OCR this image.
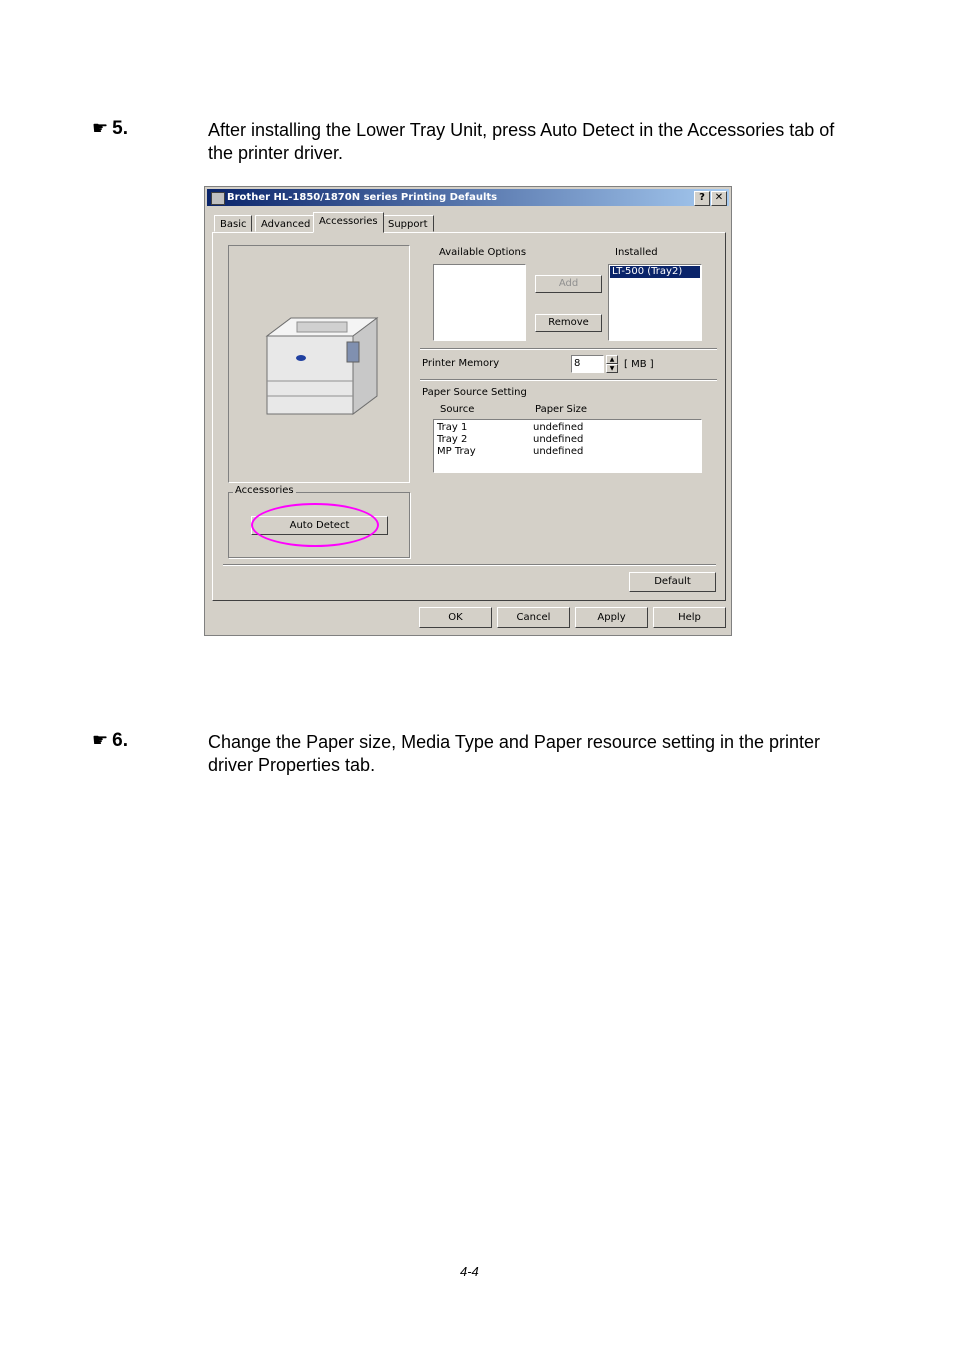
☛ 5.	After installing the Lower Tray Unit, press Auto Detect in the Accessories tab of the printer driver.
Brother HL-1850/1870N series Printing Defaults	? ✕
Basic	Advanced Accessories	Support
Available Options
Add
Remove
Installed
LT-500 (Tray2)
Printer Memory	8	▲
▼ [ MB ]
Paper Source Setting
Source	Paper Size
Tray 1	undefined
Tray 2	undefined
MP Tray	undefined
Accessories
Auto Detect
Default
OK	Cancel	Apply	Help
☛ 6.	Change the Paper size, Media Type and Paper resource setting in the printer driver Properties tab.
4-4
